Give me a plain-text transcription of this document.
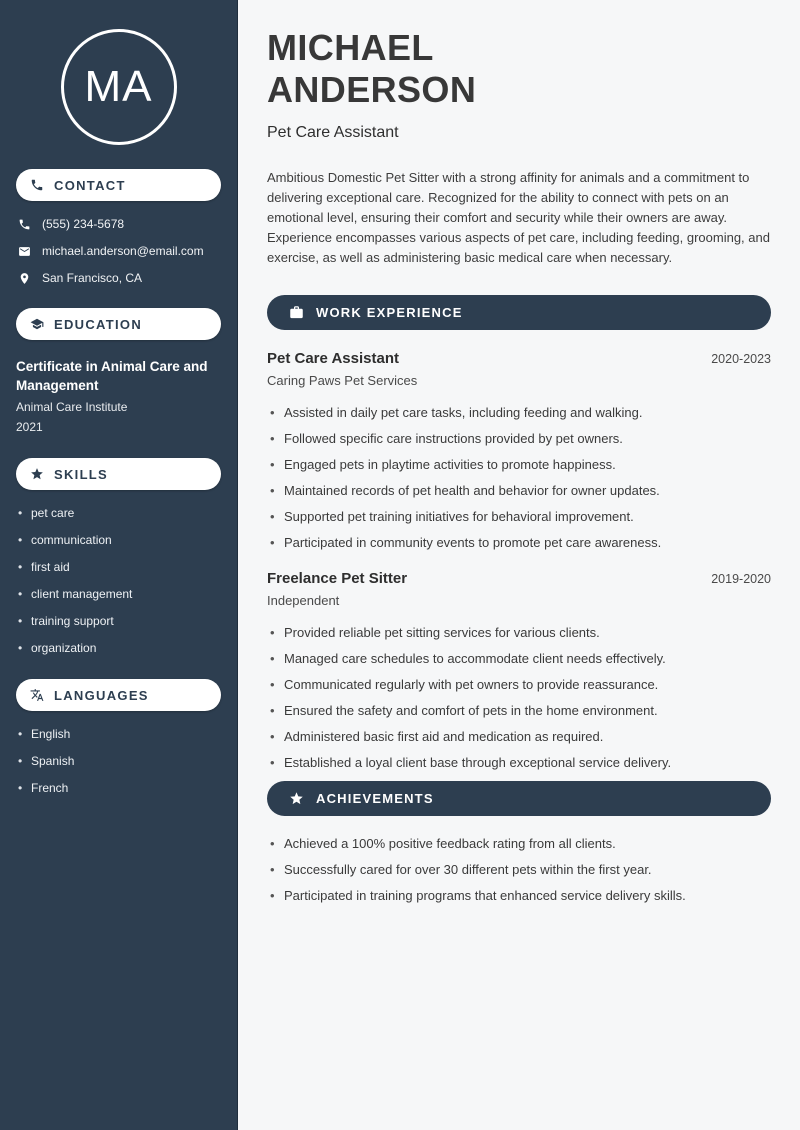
MA
CONTACT
(555) 234-5678
michael.anderson@email.com
San Francisco, CA
EDUCATION
Certificate in Animal Care and Management
Animal Care Institute
2021
SKILLS
• pet care
• communication
• first aid
• client management
• training support
• organization
LANGUAGES
• English
• Spanish
• French
MICHAEL
ANDERSON
Pet Care Assistant

Ambitious Domestic Pet Sitter with a strong affinity for animals and a commitment to delivering exceptional care. Recognized for the ability to connect with pets on an emotional level, ensuring their comfort and security while their owners are away. Experience encompasses various aspects of pet care, including feeding, grooming, and exercise, as well as administering basic medical care when necessary.

WORK EXPERIENCE
Pet Care Assistant	2020-2023
Caring Paws Pet Services
• Assisted in daily pet care tasks, including feeding and walking.
• Followed specific care instructions provided by pet owners.
• Engaged pets in playtime activities to promote happiness.
• Maintained records of pet health and behavior for owner updates.
• Supported pet training initiatives for behavioral improvement.
• Participated in community events to promote pet care awareness.
Freelance Pet Sitter	2019-2020
Independent
• Provided reliable pet sitting services for various clients.
• Managed care schedules to accommodate client needs effectively.
• Communicated regularly with pet owners to provide reassurance.
• Ensured the safety and comfort of pets in the home environment.
• Administered basic first aid and medication as required.
• Established a loyal client base through exceptional service delivery.
ACHIEVEMENTS
• Achieved a 100% positive feedback rating from all clients.
• Successfully cared for over 30 different pets within the first year.
• Participated in training programs that enhanced service delivery skills.
